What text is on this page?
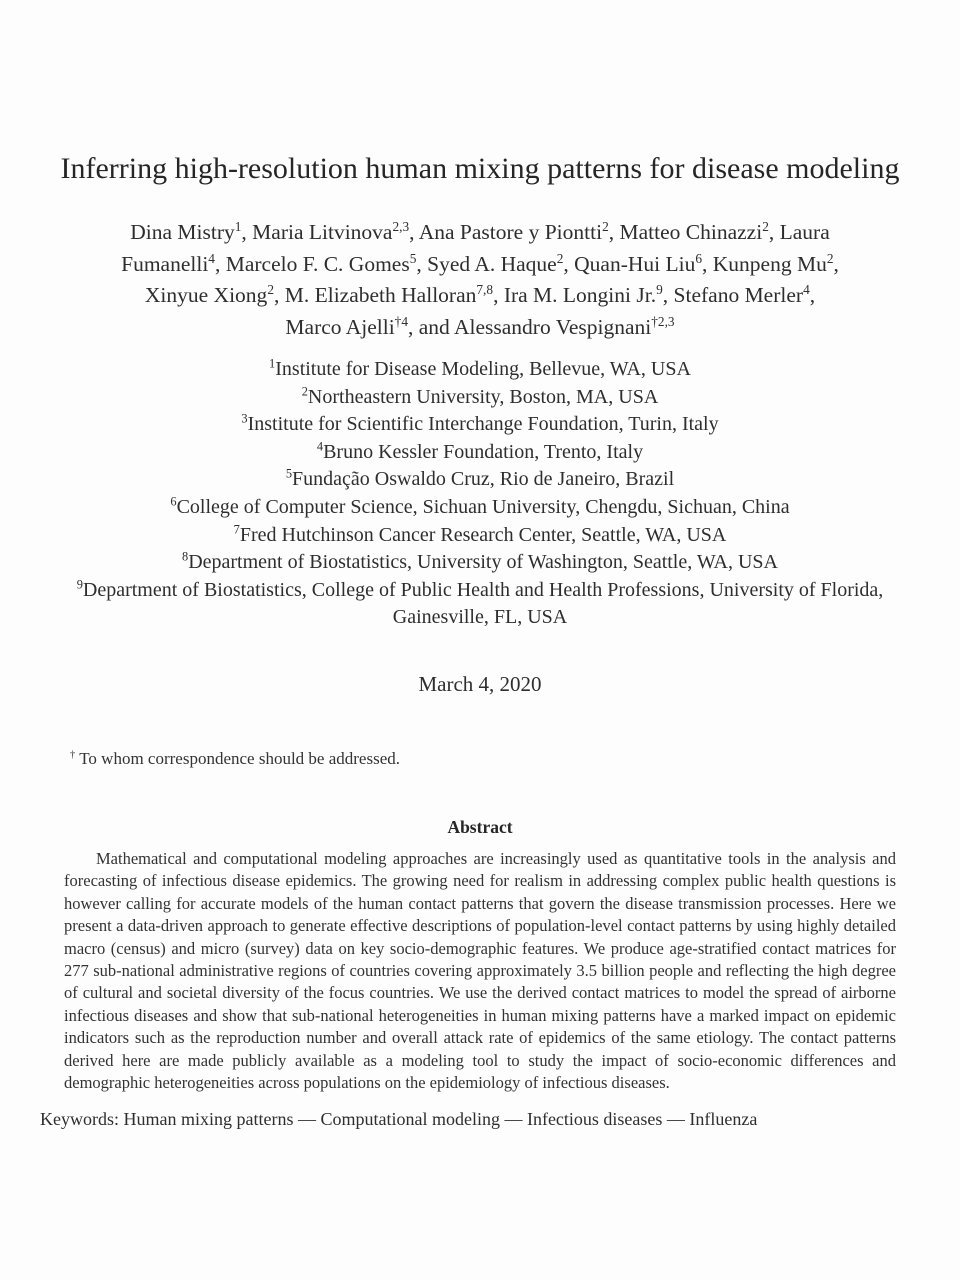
Inferring high-resolution human mixing patterns for disease modeling
Dina Mistry$^1$, Maria Litvinova$^{2,3}$, Ana Pastore y Piontti$^2$, Matteo Chinazzi$^2$, Laura
Fumanelli$^4$, Marcelo F. C. Gomes$^5$, Syed A. Haque$^2$, Quan-Hui Liu$^6$, Kunpeng Mu$^2$,
Xinyue Xiong$^2$, M. Elizabeth Halloran$^{7,8}$, Ira M. Longini Jr.$^9$, Stefano Merler$^4$,
Marco Ajelli$^{\dagger 4}$, and Alessandro Vespignani$^{\dagger 2,3}$
$^1$Institute for Disease Modeling, Bellevue, WA, USA
$^2$Northeastern University, Boston, MA, USA
$^3$Institute for Scientific Interchange Foundation, Turin, Italy
$^4$Bruno Kessler Foundation, Trento, Italy
$^5$Fundação Oswaldo Cruz, Rio de Janeiro, Brazil
$^6$College of Computer Science, Sichuan University, Chengdu, Sichuan, China
$^7$Fred Hutchinson Cancer Research Center, Seattle, WA, USA
$^8$Department of Biostatistics, University of Washington, Seattle, WA, USA
$^9$Department of Biostatistics, College of Public Health and Health Professions, University of Florida, Gainesville, FL, USA
March 4, 2020
† To whom correspondence should be addressed.
Abstract

Mathematical and computational modeling approaches are increasingly used as quantitative tools in the analysis and forecasting of infectious disease epidemics. The growing need for realism in addressing complex public health questions is however calling for accurate models of the human contact patterns that govern the disease transmission processes. Here we present a data-driven approach to generate effective descriptions of population-level contact patterns by using highly detailed macro (census) and micro (survey) data on key socio-demographic features. We produce age-stratified contact matrices for 277 sub-national administrative regions of countries covering approximately 3.5 billion people and reflecting the high degree of cultural and societal diversity of the focus countries. We use the derived contact matrices to model the spread of airborne infectious diseases and show that sub-national heterogeneities in human mixing patterns have a marked impact on epidemic indicators such as the reproduction number and overall attack rate of epidemics of the same etiology. The contact patterns derived here are made publicly available as a modeling tool to study the impact of socio-economic differences and demographic heterogeneities across populations on the epidemiology of infectious diseases.

Keywords: Human mixing patterns — Computational modeling — Infectious diseases — Influenza
